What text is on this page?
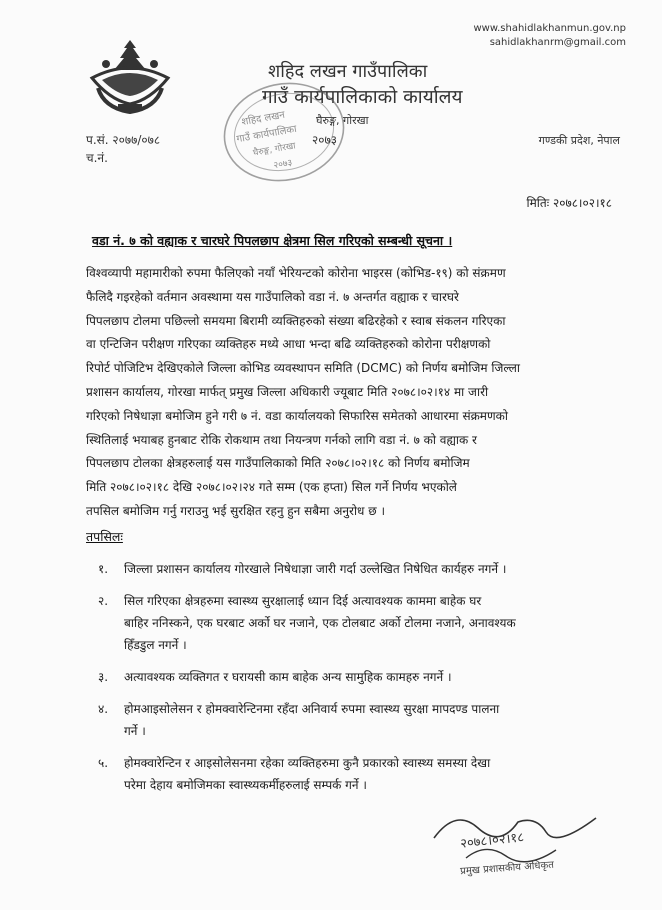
www.shahidlakhanmun.gov.np
sahidlakhanrm@gmail.com
शहिद लखन गाउँपालिका
गाउँ कार्यपालिकाको कार्यालय
घैरुङ्ग, गोरखा
२०७३
प.सं. २०७७/०७८
च.नं.
गण्डकी प्रदेश, नेपाल
शहिद लखन
गाउँ कार्यपालिका
घैरुङ्ग, गोरखा
२०७३
मितिः २०७८।०२।१८
वडा नं. ७ को वह्याक र चारघरे पिपलछाप क्षेत्रमा सिल गरिएको सम्बन्धी सूचना ।
विश्वव्यापी महामारीको रुपमा फैलिएको नयाँ भेरियन्टको कोरोना भाइरस (कोभिड-१९) को संक्रमण
फैलिदै गइरहेको वर्तमान अवस्थामा यस गाउँपालिको वडा नं. ७ अन्तर्गत वह्याक र चारघरे
पिपलछाप टोलमा पछिल्लो समयमा बिरामी व्यक्तिहरुको संख्या बढिरहेको र स्वाब संकलन गरिएका
वा एन्टिजिन परीक्षण गरिएका व्यक्तिहरु मध्ये आधा भन्दा बढि व्यक्तिहरुको कोरोना परीक्षणको
रिपोर्ट पोजिटिभ देखिएकोले जिल्ला कोभिड व्यवस्थापन समिति (DCMC) को निर्णय बमोजिम जिल्ला
प्रशासन कार्यालय, गोरखा मार्फत् प्रमुख जिल्ला अधिकारी ज्यूबाट मिति २०७८।०२।१४ मा जारी
गरिएको निषेधाज्ञा बमोजिम हुने गरी ७ नं. वडा कार्यालयको सिफारिस समेतको आधारमा संक्रमणको
स्थितिलाई भयाबह हुनबाट रोकि रोकथाम तथा नियन्त्रण गर्नको लागि वडा नं. ७ को वह्याक र
पिपलछाप टोलका क्षेत्रहरुलाई यस गाउँपालिकाको मिति २०७८।०२।१८ को निर्णय बमोजिम
मिति २०७८।०२।१८ देखि २०७८।०२।२४ गते सम्म (एक हप्ता) सिल गर्ने निर्णय भएकोले
तपसिल बमोजिम गर्नु गराउनु भई सुरक्षित रहनु हुन सबैमा अनुरोध छ ।
तपसिलः
१. जिल्ला प्रशासन कार्यालय गोरखाले निषेधाज्ञा जारी गर्दा उल्लेखित निषेधित कार्यहरु नगर्ने ।
२. सिल गरिएका क्षेत्रहरुमा स्वास्थ्य सुरक्षालाई ध्यान दिई अत्यावश्यक काममा बाहेक घर
बाहिर ननिस्कने, एक घरबाट अर्को घर नजाने, एक टोलबाट अर्को टोलमा नजाने, अनावश्यक
हिँडडुल नगर्ने ।
३. अत्यावश्यक व्यक्तिगत र घरायसी काम बाहेक अन्य सामुहिक कामहरु नगर्ने ।
४. होमआइसोलेसन र होमक्वारेन्टिनमा रहँदा अनिवार्य रुपमा स्वास्थ्य सुरक्षा मापदण्ड पालना
गर्ने ।
५. होमक्वारेन्टिन र आइसोलेसनमा रहेका व्यक्तिहरुमा कुनै प्रकारको स्वास्थ्य समस्या देखा
परेमा देहाय बमोजिमका स्वास्थ्यकर्मीहरुलाई सम्पर्क गर्ने ।
२०७८।०२।१८
प्रमुख प्रशासकीय अधिकृत
